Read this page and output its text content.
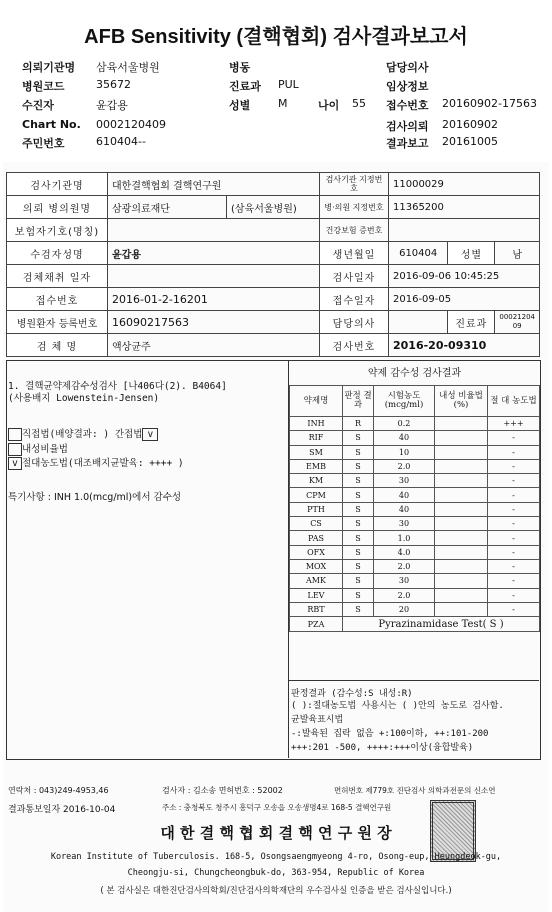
AFB Sensitivity (결핵협회) 검사결과보고서
의뢰기관명 삼육서울병원	병동	담당의사
병원코드	35672	진료과 PUL	임상정보
수진자	윤갑용	성별	M	나이 55 접수번호 20160902-17563
Chart No. 0002120409	검사의뢰 20160902
주민번호	610404--	결과보고 20161005
검사기관명	대한결핵협회 결핵연구원		검사기관 지정번호	11000029		
의뢰 병의원명	삼광의료재단	(삼육서울병원)	병·의원 지정번호	11365200		
보험자기호(명칭)			건강보험 증번호			
수검자성명	윤갑용		생년월일	610404	성별	남
검체채취 일자			검사일자	2016-09-06 10:45:25		
접수번호	2016-01-2-16201		접수일자	2016-09-05		
병원환자 등록번호	16090217563		담당의사		진료과	00021204 09
검 체 명	액상균주		검사번호	2016-20-09310		
1. 결핵균약제감수성검사 [나406다(2). B4064]
(사용배지 Lowenstein-Jensen)
직접법(배양결과: ) 간접법 v
내성비율법
v 절대농도법(대조배지균발육: ++++ )
특기사항 : INH 1.0(mcg/ml)에서 감수성
약제 감수성 검사결과
약제명	판정 결과	시험농도 (mcg/ml)	내성 비율법(%)	절 대 농도법
INH	R	0.2		+++
RIF	S	40		-
SM	S	10		-
EMB	S	2.0		-
KM	S	30		-
CPM	S	40		-
PTH	S	40		-
CS	S	30		-
PAS	S	1.0		-
OFX	S	4.0		-
MOX	S	2.0		-
AMK	S	30		-
LEV	S	2.0		-
RBT	S	20		-
PZA	Pyrazinamidase Test( S )			
판정결과 (감수성:S 내성:R)
( ):절대농도법 사용시는 ( )안의 농도로 검사함.
균발육표시법
-:발육된 집락 없음 +:100이하, ++:101-200
+++:201 -500, ++++:+++이상(융합발육)
연락처 : 043)249-4953,46	검사자 : 김소송 면허번호 : 52002	면허번호 제779호 진단검사 의학과전문의 신소연
결과통보일자 2016-10-04	주소 : 충청북도 청주시 흥덕구 오송읍 오송생명4로 168-5 결핵연구원
대 한 결 핵 협 회 결 핵 연 구 원 장
Korean Institute of Tuberculosis. 168-5, Osongsaengmyeong 4-ro, Osong-eup, Heungdeok-gu,
Cheongju-si, Chungcheongbuk-do, 363-954, Republic of Korea
( 본 검사실은 대한진단검사의학회/진단검사의학재단의 우수검사실 인증을 받은 검사실입니다.)
